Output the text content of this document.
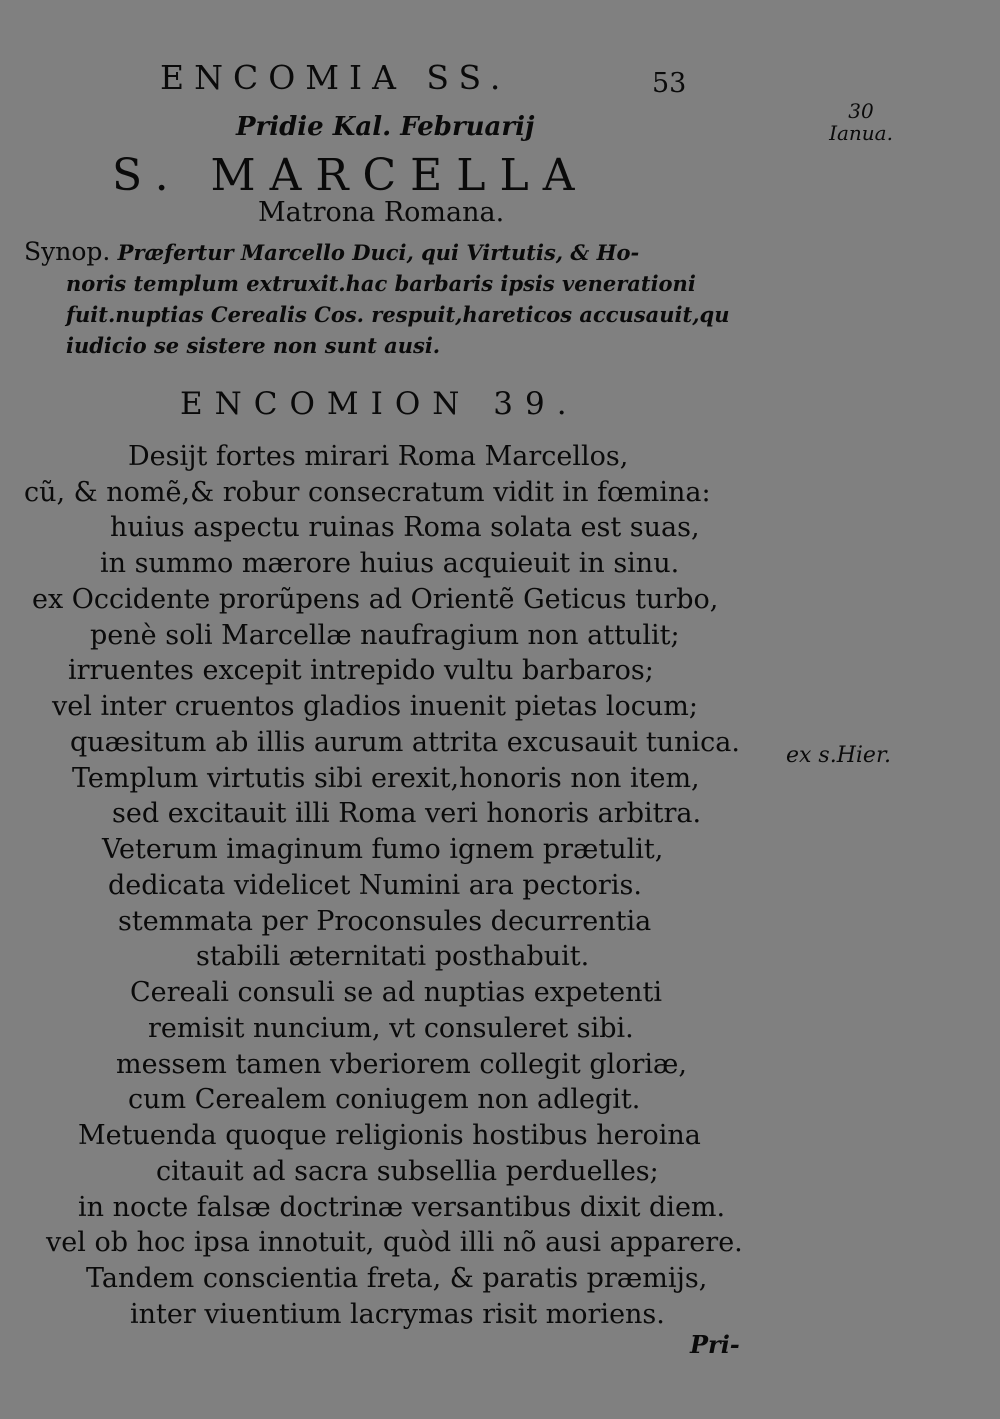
ENCOMIA SS.	53
30
Ianua.
Pridie Kal. Februarij
S. MARCELLA
Matrona Romana.
Synop. Præfertur Marcello Duci, qui Virtutis, & Ho-
noris templum extruxit.hac barbaris ipsis venerationi
fuit.nuptias Cerealis Cos. respuit,hareticos accusauit,qu
iudicio se sistere non sunt ausi.
ENCOMION 39.
Desijt fortes mirari Roma Marcellos,
cũ, & nomẽ,& robur consecratum vidit in fœmina:
huius aspectu ruinas Roma solata est suas,
in summo mærore huius acquieuit in sinu.
ex Occidente prorũpens ad Orientẽ Geticus turbo,
penè soli Marcellæ naufragium non attulit;
irruentes excepit intrepido vultu barbaros;
vel inter cruentos gladios inuenit pietas locum;
quæsitum ab illis aurum attrita excusauit tunica.
Templum virtutis sibi erexit,honoris non item,
sed excitauit illi Roma veri honoris arbitra.
Veterum imaginum fumo ignem prætulit,
dedicata videlicet Numini ara pectoris.
stemmata per Proconsules decurrentia
stabili æternitati posthabuit.
Cereali consuli se ad nuptias expetenti
remisit nuncium, vt consuleret sibi.
messem tamen vberiorem collegit gloriæ,
cum Cerealem coniugem non adlegit.
Metuenda quoque religionis hostibus heroina
citauit ad sacra subsellia perduelles;
in nocte falsæ doctrinæ versantibus dixit diem.
vel ob hoc ipsa innotuit, quòd illi nõ ausi apparere.
Tandem conscientia freta, & paratis præmijs,
inter viuentium lacrymas risit moriens.
ex s.Hier.
Pri-
